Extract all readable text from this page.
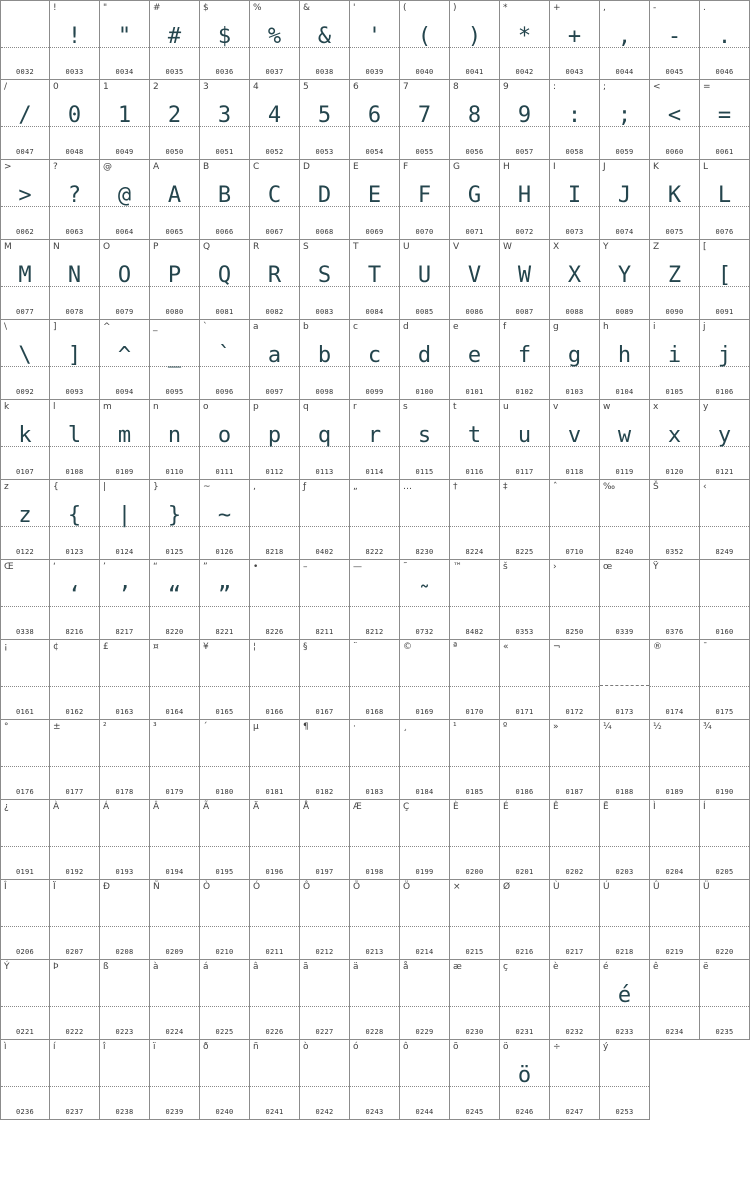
0032
!
!
0033
"
"
0034
#
#
0035
$
$
0036
%
%
0037
&
&
0038
'
'
0039
(
(
0040
)
)
0041
*
*
0042
+
+
0043
,
,
0044
-
-
0045
.
.
0046
/
/
0047
0
0
0048
1
1
0049
2
2
0050
3
3
0051
4
4
0052
5
5
0053
6
6
0054
7
7
0055
8
8
0056
9
9
0057
:
:
0058
;
;
0059
<
<
0060
=
=
0061
>
>
0062
?
?
0063
@
@
0064
A
A
0065
B
B
0066
C
C
0067
D
D
0068
E
E
0069
F
F
0070
G
G
0071
H
H
0072
I
I
0073
J
J
0074
K
K
0075
L
L
0076
M
M
0077
N
N
0078
O
O
0079
P
P
0080
Q
Q
0081
R
R
0082
S
S
0083
T
T
0084
U
U
0085
V
V
0086
W
W
0087
X
X
0088
Y
Y
0089
Z
Z
0090
[
[
0091
\
\
0092
]
]
0093
^
^
0094
_
_
0095
`
`
0096
a
a
0097
b
b
0098
c
c
0099
d
d
0100
e
e
0101
f
f
0102
g
g
0103
h
h
0104
i
i
0105
j
j
0106
k
k
0107
l
l
0108
m
m
0109
n
n
0110
o
o
0111
p
p
0112
q
q
0113
r
r
0114
s
s
0115
t
t
0116
u
u
0117
v
v
0118
w
w
0119
x
x
0120
y
y
0121
z
z
0122
{
{
0123
|
|
0124
}
}
0125
~
~
0126
‚
8218
ƒ
0402
„
8222
…
8230
†
8224
‡
8225
ˆ
0710
‰
8240
Š
0352
‹
8249
Œ
0338
‘
‘
8216
’
’
8217
“
“
8220
”
”
8221
•
8226
–
8211
—
8212
˜
˜
0732
™
8482
š
0353
›
8250
œ
0339
Ÿ
0376	0160
¡
0161
¢
0162
£
0163
¤
0164
¥
0165
¦
0166
§
0167
¨
0168
©
0169
ª
0170
«
0171
¬
0172	0173
®
0174
¯
0175
°
0176
±
0177
²
0178
³
0179
´
0180
µ
0181
¶
0182
·
0183
¸
0184
¹
0185
º
0186
»
0187
¼
0188
½
0189
¾
0190
¿
0191
À
0192
Á
0193
Â
0194
Ã
0195
Ä
0196
Å
0197
Æ
0198
Ç
0199
È
0200
É
0201
Ê
0202
Ë
0203
Ì
0204
Í
0205
Î
0206
Ï
0207
Ð
0208
Ñ
0209
Ò
0210
Ó
0211
Ô
0212
Õ
0213
Ö
0214
×
0215
Ø
0216
Ù
0217
Ú
0218
Û
0219
Ü
0220
Ý
0221
Þ
0222
ß
0223
à
0224
á
0225
â
0226
ã
0227
ä
0228
å
0229
æ
0230
ç
0231
è
0232
é
é
0233
ê
0234
ë
0235
ì
0236
í
0237
î
0238
ï
0239
ð
0240
ñ
0241
ò
0242
ó
0243
ô
0244
õ
0245
ö
ö
0246
÷
0247
ý
0253
